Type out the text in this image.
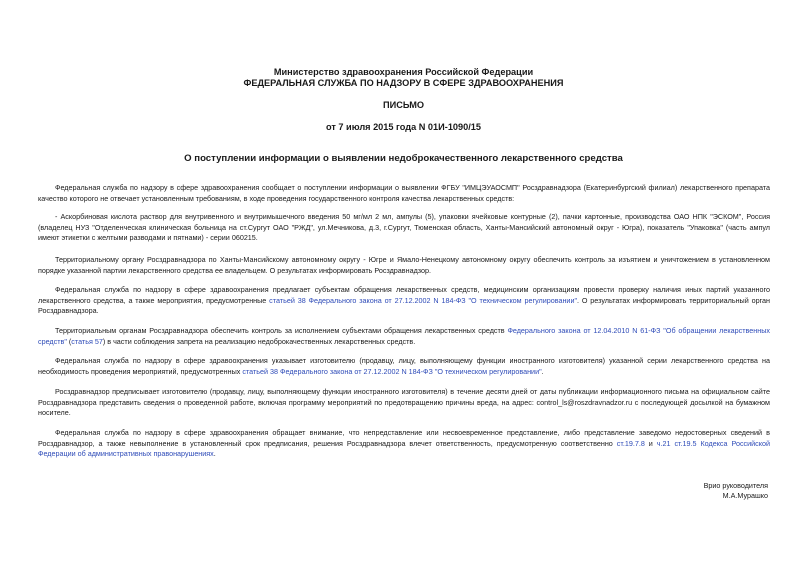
Министерство здравоохранения Российской Федерации
ФЕДЕРАЛЬНАЯ СЛУЖБА ПО НАДЗОРУ В СФЕРЕ ЗДРАВООХРАНЕНИЯ
ПИСЬМО
от 7 июля 2015 года N 01И-1090/15
О поступлении информации о выявлении недоброкачественного лекарственного средства
Федеральная служба по надзору в сфере здравоохранения сообщает о поступлении информации о выявлении ФГБУ "ИМЦЭУАОСМП" Росздравнадзора (Екатеринбургский филиал) лекарственного препарата качество которого не отвечает установленным требованиям, в ходе проведения государственного контроля качества лекарственных средств:
- Аскорбиновая кислота раствор для внутривенного и внутримышечного введения 50 мг/мл 2 мл, ампулы (5), упаковки ячейковые контурные (2), пачки картонные, производства ОАО НПК "ЭСКОМ", Россия (владелец НУЗ "Отделенческая клиническая больница на ст.Сургут ОАО "РЖД", ул.Мечникова, д.3, г.Сургут, Тюменская область, Ханты-Мансийский автономный округ - Югра), показатель "Упаковка" (часть ампул имеют этикетки с желтыми разводами и пятнами) - серии 060215.
Территориальному органу Росздравнадзора по Ханты-Мансийскому автономному округу - Югре и Ямало-Ненецкому автономному округу обеспечить контроль за изъятием и уничтожением в установленном порядке указанной партии лекарственного средства ее владельцем. О результатах информировать Росздравнадзор.
Федеральная служба по надзору в сфере здравоохранения предлагает субъектам обращения лекарственных средств, медицинским организациям провести проверку наличия иных партий указанного лекарственного средства, а также мероприятия, предусмотренные статьей 38 Федерального закона от 27.12.2002 N 184-ФЗ "О техническом регулировании". О результатах информировать территориальный орган Росздравнадзора.
Территориальным органам Росздравнадзора обеспечить контроль за исполнением субъектами обращения лекарственных средств Федерального закона от 12.04.2010 N 61-ФЗ "Об обращении лекарственных средств" (статья 57) в части соблюдения запрета на реализацию недоброкачественных лекарственных средств.
Федеральная служба по надзору в сфере здравоохранения указывает изготовителю (продавцу, лицу, выполняющему функции иностранного изготовителя) указанной серии лекарственного средства на необходимость проведения мероприятий, предусмотренных статьей 38 Федерального закона от 27.12.2002 N 184-ФЗ "О техническом регулировании".
Росздравнадзор предписывает изготовителю (продавцу, лицу, выполняющему функции иностранного изготовителя) в течение десяти дней от даты публикации информационного письма на официальном сайте Росздравнадзора представить сведения о проведенной работе, включая программу мероприятий по предотвращению причины вреда, на адрес: control_ls@roszdravnadzor.ru с последующей досылкой на бумажном носителе.
Федеральная служба по надзору в сфере здравоохранения обращает внимание, что непредставление или несвоевременное представление, либо представление заведомо недостоверных сведений в Росздравнадзор, а также невыполнение в установленный срок предписания, решения Росздравнадзора влечет ответственность, предусмотренную соответственно ст.19.7.8 и ч.21 ст.19.5 Кодекса Российской Федерации об административных правонарушениях.
Врио руководителя
М.А.Мурашко
